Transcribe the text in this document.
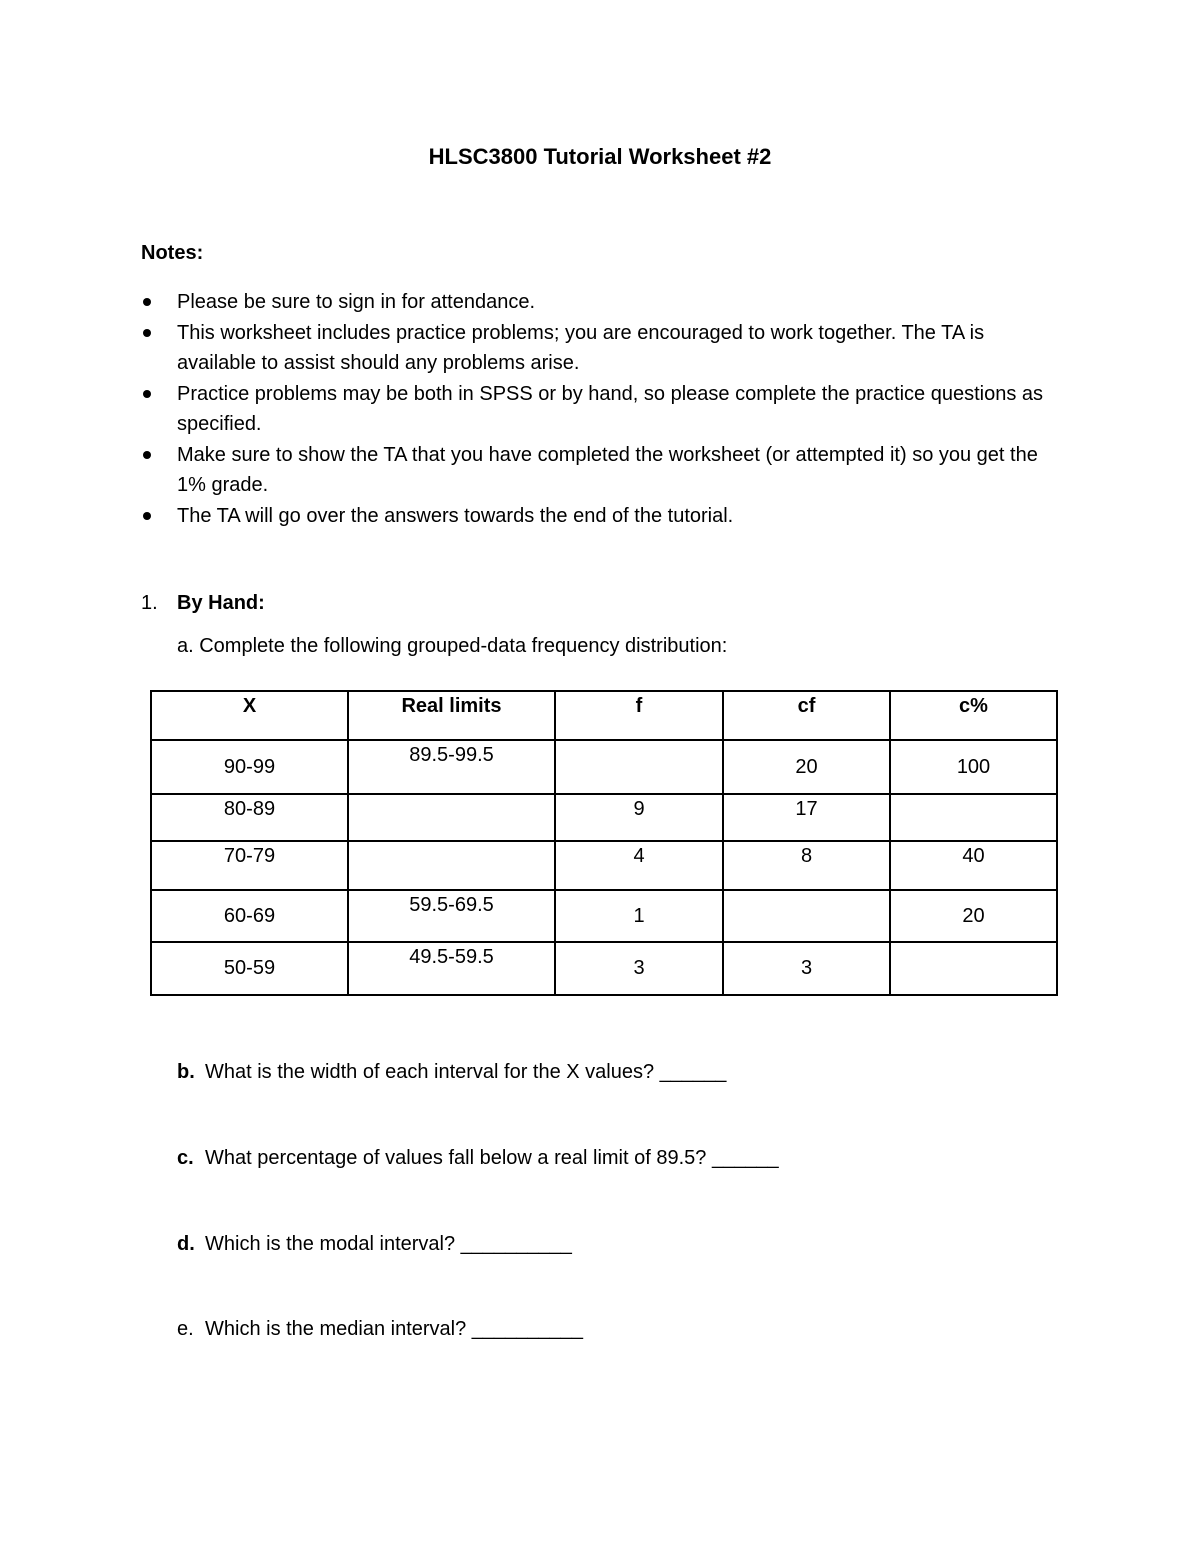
HLSC3800 Tutorial Worksheet #2
Notes:
Please be sure to sign in for attendance.
This worksheet includes practice problems; you are encouraged to work together. The TA is available to assist should any problems arise.
Practice problems may be both in SPSS or by hand, so please complete the practice questions as specified.
Make sure to show the TA that you have completed the worksheet (or attempted it) so you get the 1% grade.
The TA will go over the answers towards the end of the tutorial.

1. By Hand:

a. Complete the following grouped-data frequency distribution:

X	Real limits	f	cf	c%
90-99	89.5-99.5		20	100
80-89		9	17	
70-79		4	8	40
60-69	59.5-69.5	1		20
50-59	49.5-59.5	3	3	

b. What is the width of each interval for the X values? ______

c. What percentage of values fall below a real limit of 89.5? ______

d. Which is the modal interval? __________

e. Which is the median interval? __________
